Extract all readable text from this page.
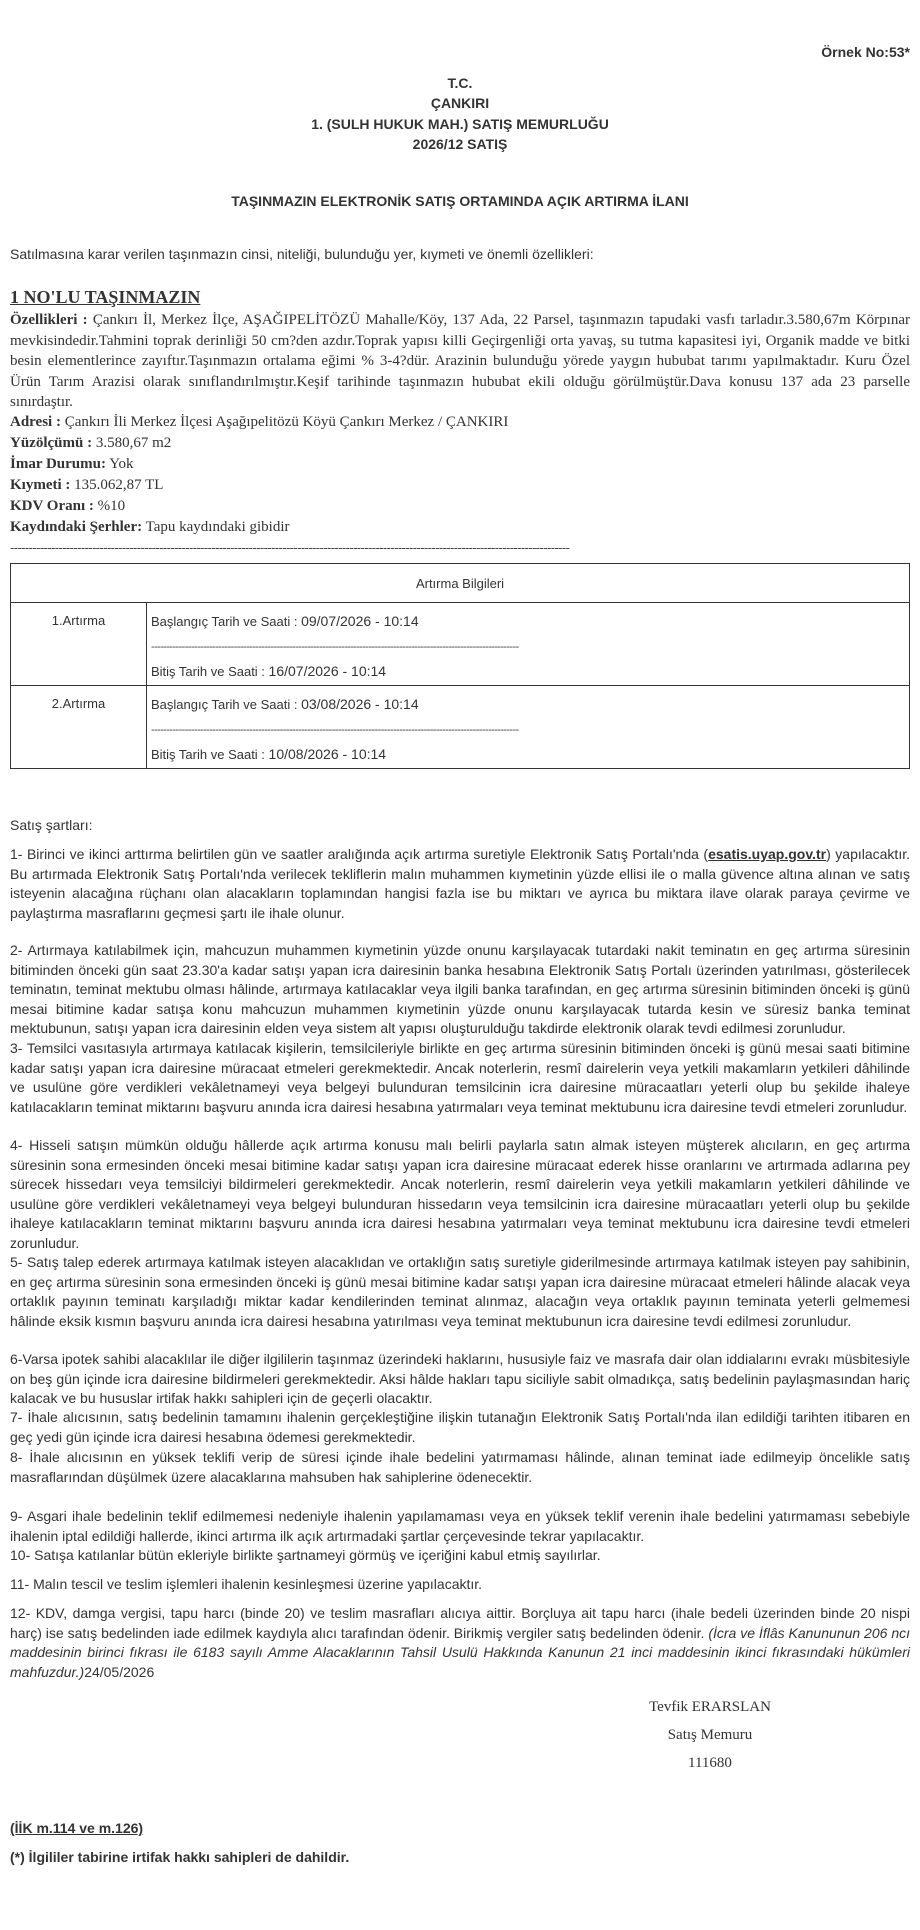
Örnek No:53*
T.C.
ÇANKIRI
1. (SULH HUKUK MAH.) SATIŞ MEMURLUĞU
2026/12 SATIŞ
TAŞINMAZIN ELEKTRONİK SATIŞ ORTAMINDA AÇIK ARTIRMA İLANI
Satılmasına karar verilen taşınmazın cinsi, niteliği, bulunduğu yer, kıymeti ve önemli özellikleri:
1 NO'LU TAŞINMAZIN
Özellikleri : Çankırı İl, Merkez İlçe, AŞAĞIPELİTÖZÜ Mahalle/Köy, 137 Ada, 22 Parsel, taşınmazın tapudaki vasfı tarladır.3.580,67m Körpınar mevkisindedir.Tahmini toprak derinliği 50 cm?den azdır.Toprak yapısı killi Geçirgenliği orta yavaş, su tutma kapasitesi iyi, Organik madde ve bitki besin elementlerince zayıftır.Taşınmazın ortalama eğimi % 3-4?dür. Arazinin bulunduğu yörede yaygın hububat tarımı yapılmaktadır. Kuru Özel Ürün Tarım Arazisi olarak sınıflandırılmıştır.Keşif tarihinde taşınmazın hububat ekili olduğu görülmüştür.Dava konusu 137 ada 23 parselle sınırdaştır.
Adresi : Çankırı İli Merkez İlçesi Aşağıpelitözü Köyü Çankırı Merkez / ÇANKIRI
Yüzölçümü : 3.580,67 m2
İmar Durumu: Yok
Kıymeti : 135.062,87 TL
KDV Oranı : %10
Kaydındaki Şerhler: Tapu kaydındaki gibidir
------------------------------------------------------------------------------------------------------------------------------------------------------
Artırma Bilgileri	
1.Artırma	Başlangıç Tarih ve Saati : 09/07/2026 - 10:14
------------------------------------------------------------------------------------------------------------------------
Bitiş Tarih ve Saati : 16/07/2026 - 10:14

2.Artırma	Başlangıç Tarih ve Saati : 03/08/2026 - 10:14
------------------------------------------------------------------------------------------------------------------------
Bitiş Tarih ve Saati : 10/08/2026 - 10:14
Satış şartları:
1- Birinci ve ikinci arttırma belirtilen gün ve saatler aralığında açık artırma suretiyle Elektronik Satış Portalı'nda (esatis.uyap.gov.tr) yapılacaktır. Bu artırmada Elektronik Satış Portalı'nda verilecek tekliflerin malın muhammen kıymetinin yüzde ellisi ile o malla güvence altına alınan ve satış isteyenin alacağına rüçhanı olan alacakların toplamından hangisi fazla ise bu miktarı ve ayrıca bu miktara ilave olarak paraya çevirme ve paylaştırma masraflarını geçmesi şartı ile ihale olunur.
2- Artırmaya katılabilmek için, mahcuzun muhammen kıymetinin yüzde onunu karşılayacak tutardaki nakit teminatın en geç artırma süresinin bitiminden önceki gün saat 23.30'a kadar satışı yapan icra dairesinin banka hesabına Elektronik Satış Portalı üzerinden yatırılması, gösterilecek teminatın, teminat mektubu olması hâlinde, artırmaya katılacaklar veya ilgili banka tarafından, en geç artırma süresinin bitiminden önceki iş günü mesai bitimine kadar satışa konu mahcuzun muhammen kıymetinin yüzde onunu karşılayacak tutarda kesin ve süresiz banka teminat mektubunun, satışı yapan icra dairesinin elden veya sistem alt yapısı oluşturulduğu takdirde elektronik olarak tevdi edilmesi zorunludur.
3- Temsilci vasıtasıyla artırmaya katılacak kişilerin, temsilcileriyle birlikte en geç artırma süresinin bitiminden önceki iş günü mesai saati bitimine kadar satışı yapan icra dairesine müracaat etmeleri gerekmektedir. Ancak noterlerin, resmî dairelerin veya yetkili makamların yetkileri dâhilinde ve usulüne göre verdikleri vekâletnameyi veya belgeyi bulunduran temsilcinin icra dairesine müracaatları yeterli olup bu şekilde ihaleye katılacakların teminat miktarını başvuru anında icra dairesi hesabına yatırmaları veya teminat mektubunu icra dairesine tevdi etmeleri zorunludur.
4- Hisseli satışın mümkün olduğu hâllerde açık artırma konusu malı belirli paylarla satın almak isteyen müşterek alıcıların, en geç artırma süresinin sona ermesinden önceki mesai bitimine kadar satışı yapan icra dairesine müracaat ederek hisse oranlarını ve artırmada adlarına pey sürecek hissedarı veya temsilciyi bildirmeleri gerekmektedir. Ancak noterlerin, resmî dairelerin veya yetkili makamların yetkileri dâhilinde ve usulüne göre verdikleri vekâletnameyi veya belgeyi bulunduran hissedarın veya temsilcinin icra dairesine müracaatları yeterli olup bu şekilde ihaleye katılacakların teminat miktarını başvuru anında icra dairesi hesabına yatırmaları veya teminat mektubunu icra dairesine tevdi etmeleri zorunludur.
5- Satış talep ederek artırmaya katılmak isteyen alacaklıdan ve ortaklığın satış suretiyle giderilmesinde artırmaya katılmak isteyen pay sahibinin, en geç artırma süresinin sona ermesinden önceki iş günü mesai bitimine kadar satışı yapan icra dairesine müracaat etmeleri hâlinde alacak veya ortaklık payının teminatı karşıladığı miktar kadar kendilerinden teminat alınmaz, alacağın veya ortaklık payının teminata yeterli gelmemesi hâlinde eksik kısmın başvuru anında icra dairesi hesabına yatırılması veya teminat mektubunun icra dairesine tevdi edilmesi zorunludur.
6-Varsa ipotek sahibi alacaklılar ile diğer ilgililerin taşınmaz üzerindeki haklarını, hususiyle faiz ve masrafa dair olan iddialarını evrakı müsbitesiyle on beş gün içinde icra dairesine bildirmeleri gerekmektedir. Aksi hâlde hakları tapu siciliyle sabit olmadıkça, satış bedelinin paylaşmasından hariç kalacak ve bu hususlar irtifak hakkı sahipleri için de geçerli olacaktır.
7- İhale alıcısının, satış bedelinin tamamını ihalenin gerçekleştiğine ilişkin tutanağın Elektronik Satış Portalı'nda ilan edildiği tarihten itibaren en geç yedi gün içinde icra dairesi hesabına ödemesi gerekmektedir.
8- İhale alıcısının en yüksek teklifi verip de süresi içinde ihale bedelini yatırmaması hâlinde, alınan teminat iade edilmeyip öncelikle satış masraflarından düşülmek üzere alacaklarına mahsuben hak sahiplerine ödenecektir.
9- Asgari ihale bedelinin teklif edilmemesi nedeniyle ihalenin yapılamaması veya en yüksek teklif verenin ihale bedelini yatırmaması sebebiyle ihalenin iptal edildiği hallerde, ikinci artırma ilk açık artırmadaki şartlar çerçevesinde tekrar yapılacaktır.
10- Satışa katılanlar bütün ekleriyle birlikte şartnameyi görmüş ve içeriğini kabul etmiş sayılırlar.
11- Malın tescil ve teslim işlemleri ihalenin kesinleşmesi üzerine yapılacaktır.
12- KDV, damga vergisi, tapu harcı (binde 20) ve teslim masrafları alıcıya aittir. Borçluya ait tapu harcı (ihale bedeli üzerinden binde 20 nispi harç) ise satış bedelinden iade edilmek kaydıyla alıcı tarafından ödenir. Birikmiş vergiler satış bedelinden ödenir. (İcra ve İflâs Kanununun 206 ncı maddesinin birinci fıkrası ile 6183 sayılı Amme Alacaklarının Tahsil Usulü Hakkında Kanunun 21 inci maddesinin ikinci fıkrasındaki hükümleri mahfuzdur.)24/05/2026
Tevfik ERARSLAN
Satış Memuru
111680
(İİK m.114 ve m.126)
(*) İlgililer tabirine irtifak hakkı sahipleri de dahildir.
